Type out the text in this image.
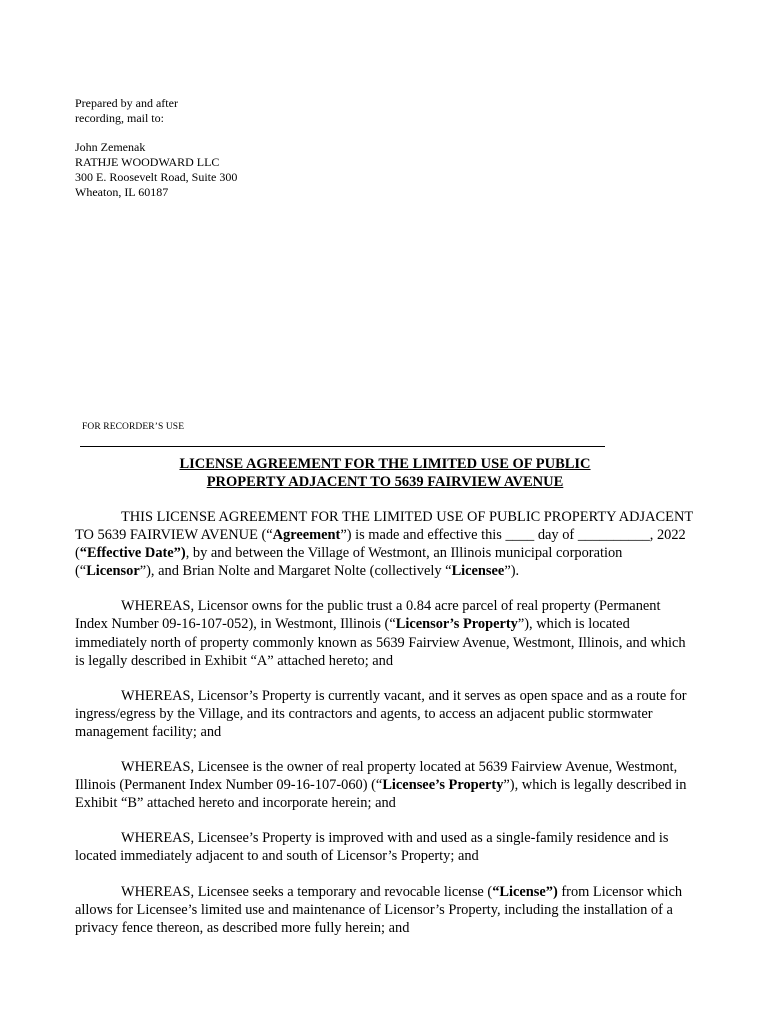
Prepared by and after

recording, mail to:

John Zemenak

RATHJE WOODWARD LLC

300 E. Roosevelt Road, Suite 300

Wheaton, IL 60187

FOR RECORDER’S USE
LICENSE AGREEMENT FOR THE LIMITED USE OF PUBLIC
PROPERTY ADJACENT TO 5639 FAIRVIEW AVENUE

THIS LICENSE AGREEMENT FOR THE LIMITED USE OF PUBLIC PROPERTY ADJACENT TO 5639 FAIRVIEW AVENUE (“Agreement”) is made and effective this ____ day of __________, 2022 (“Effective Date”), by and between the Village of Westmont, an Illinois municipal corporation (“Licensor”), and Brian Nolte and Margaret Nolte (collectively “Licensee”).

WHEREAS, Licensor owns for the public trust a 0.84 acre parcel of real property (Permanent Index Number 09-16-107-052), in Westmont, Illinois (“Licensor’s Property”), which is located immediately north of property commonly known as 5639 Fairview Avenue, Westmont, Illinois, and which is legally described in Exhibit “A” attached hereto; and

WHEREAS, Licensor’s Property is currently vacant, and it serves as open space and as a route for ingress/egress by the Village, and its contractors and agents, to access an adjacent public stormwater management facility; and

WHEREAS, Licensee is the owner of real property located at 5639 Fairview Avenue, Westmont, Illinois (Permanent Index Number 09-16-107-060) (“Licensee’s Property”), which is legally described in Exhibit “B” attached hereto and incorporate herein; and

WHEREAS, Licensee’s Property is improved with and used as a single-family residence and is located immediately adjacent to and south of Licensor’s Property; and

WHEREAS, Licensee seeks a temporary and revocable license (“License”) from Licensor which allows for Licensee’s limited use and maintenance of Licensor’s Property, including the installation of a privacy fence thereon, as described more fully herein; and
